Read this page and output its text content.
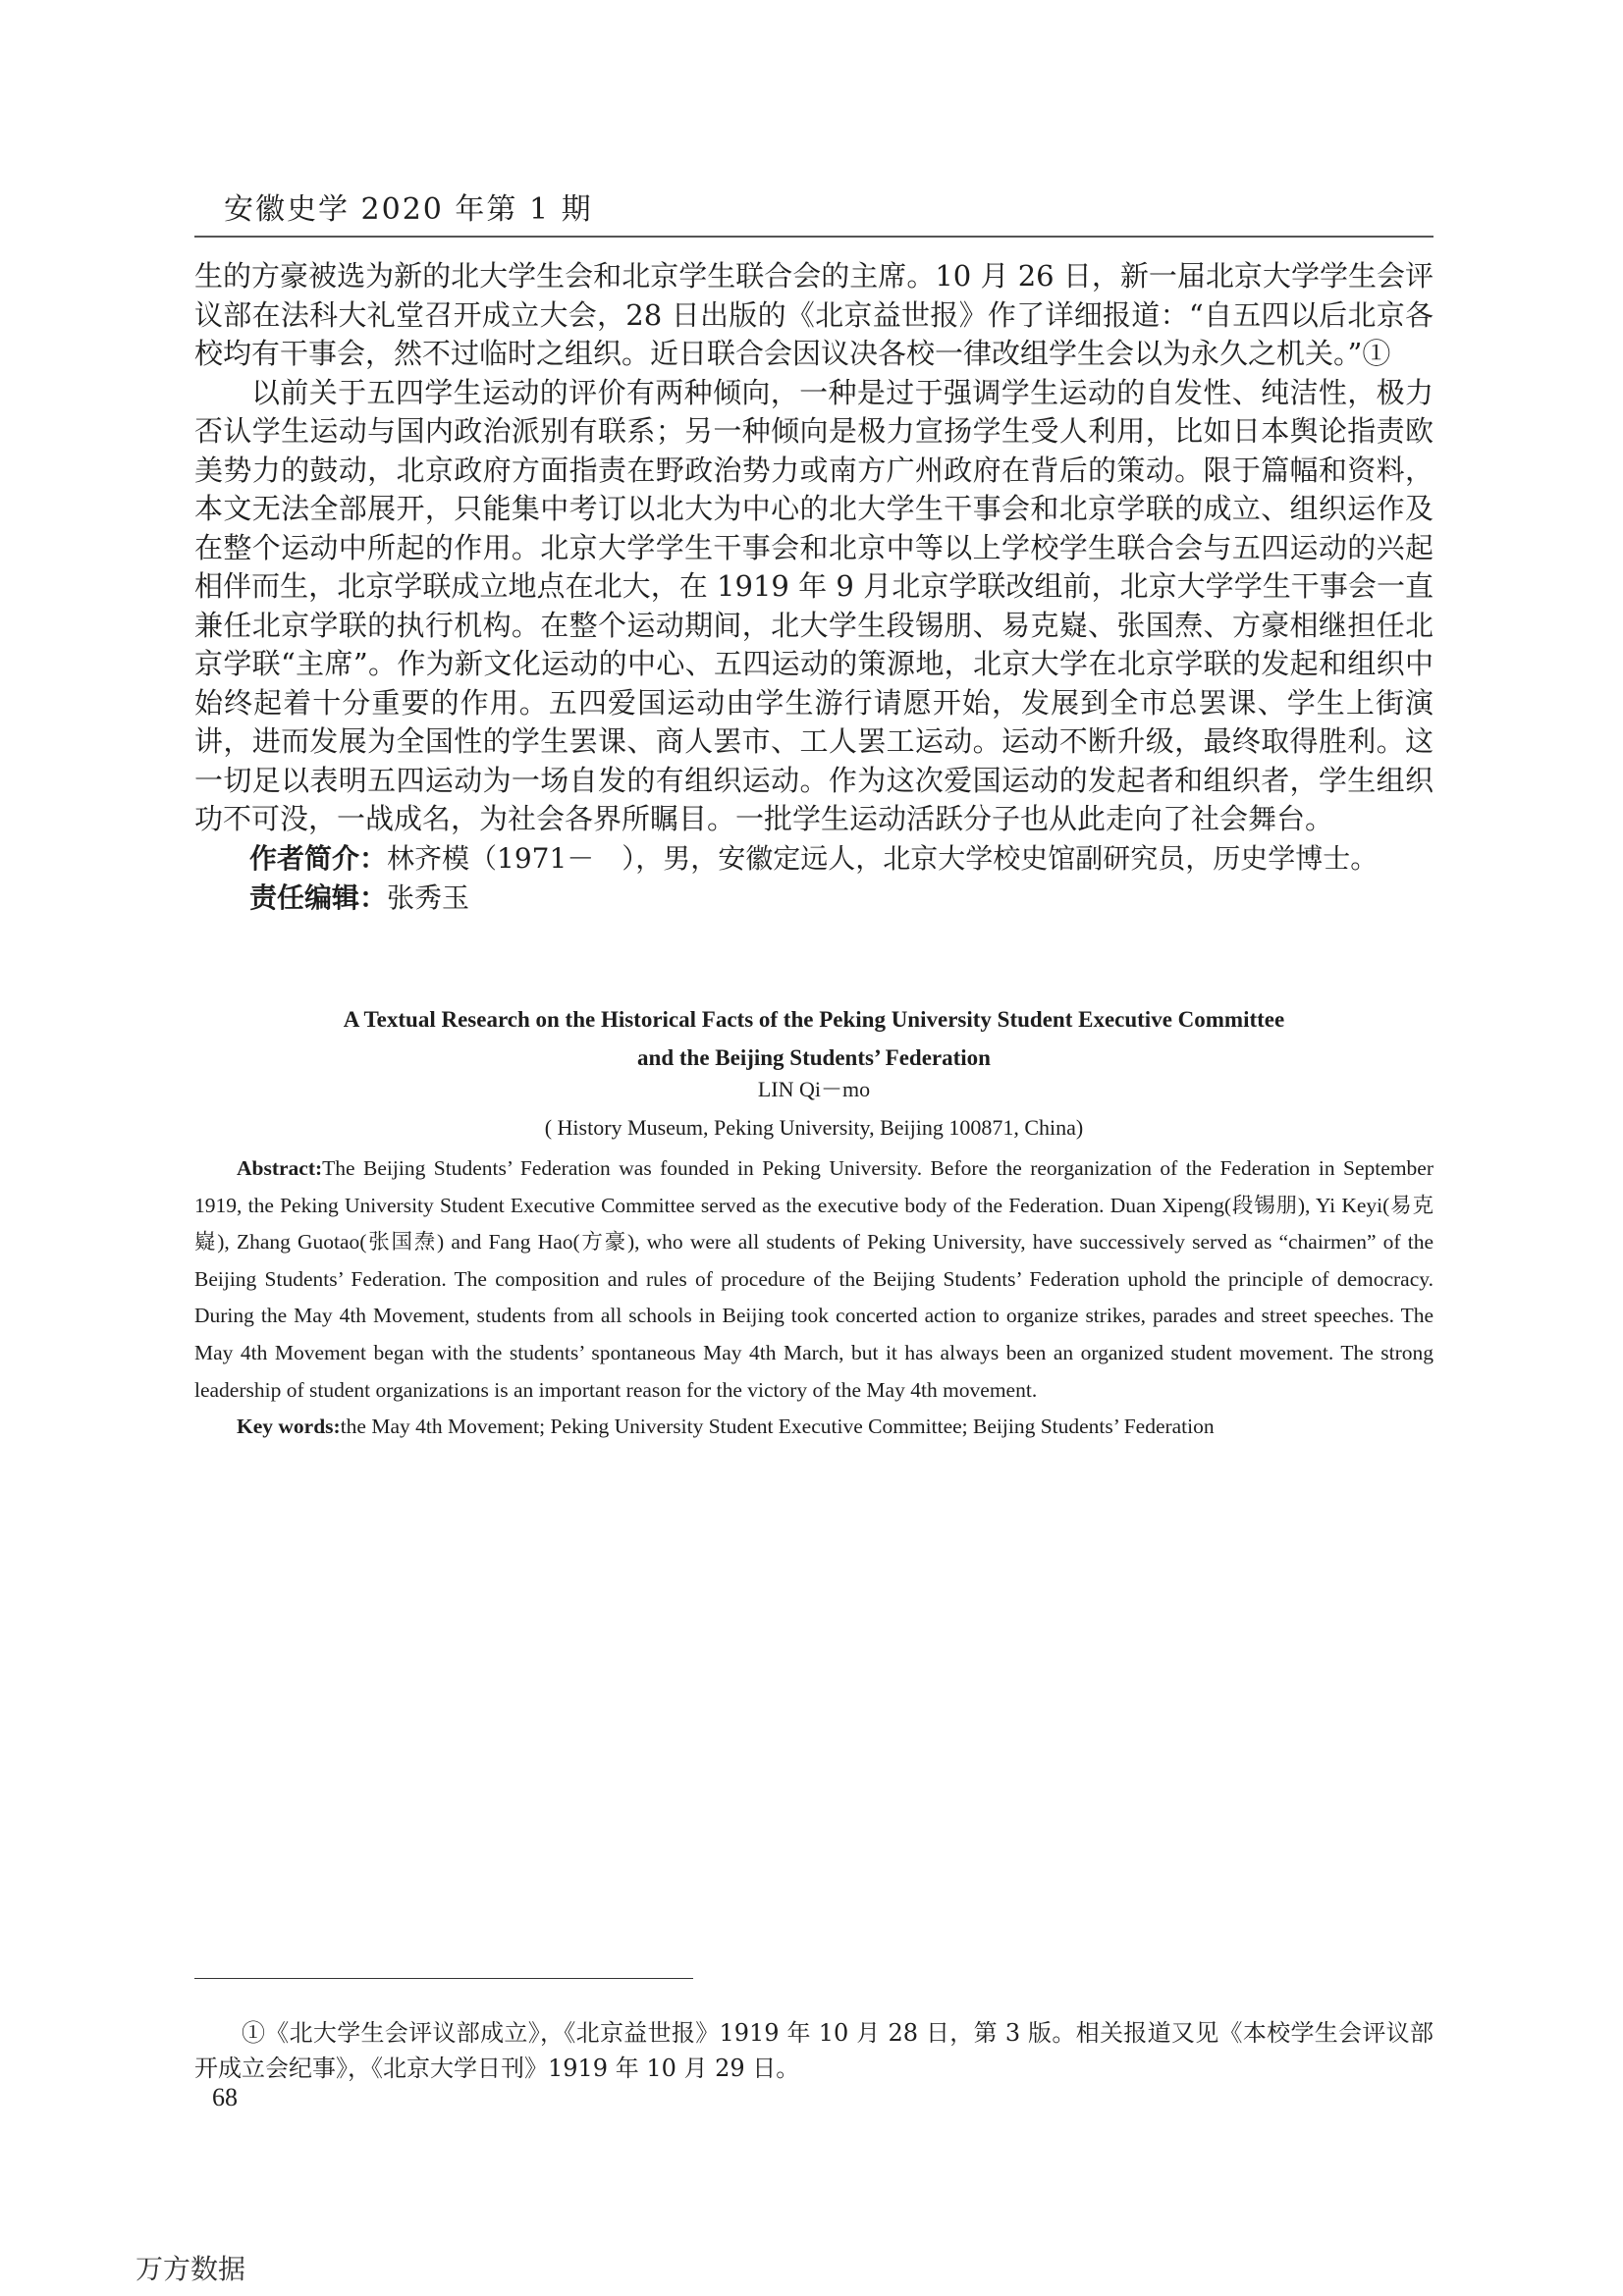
安徽史学 2020 年第 1 期

生的方豪被选为新的北大学生会和北京学生联合会的主席。10 月 26 日，新一届北京大学学生会评议部在法科大礼堂召开成立大会，28 日出版的《北京益世报》作了详细报道：“自五四以后北京各校均有干事会，然不过临时之组织。近日联合会因议决各校一律改组学生会以为永久之机关。”①

以前关于五四学生运动的评价有两种倾向，一种是过于强调学生运动的自发性、纯洁性，极力否认学生运动与国内政治派别有联系；另一种倾向是极力宣扬学生受人利用，比如日本舆论指责欧美势力的鼓动，北京政府方面指责在野政治势力或南方广州政府在背后的策动。限于篇幅和资料，本文无法全部展开，只能集中考订以北大为中心的北大学生干事会和北京学联的成立、组织运作及在整个运动中所起的作用。北京大学学生干事会和北京中等以上学校学生联合会与五四运动的兴起相伴而生，北京学联成立地点在北大，在 1919 年 9 月北京学联改组前，北京大学学生干事会一直兼任北京学联的执行机构。在整个运动期间，北大学生段锡朋、易克嶷、张国焘、方豪相继担任北京学联“主席”。作为新文化运动的中心、五四运动的策源地，北京大学在北京学联的发起和组织中始终起着十分重要的作用。五四爱国运动由学生游行请愿开始，发展到全市总罢课、学生上街演讲，进而发展为全国性的学生罢课、商人罢市、工人罢工运动。运动不断升级，最终取得胜利。这一切足以表明五四运动为一场自发的有组织运动。作为这次爱国运动的发起者和组织者，学生组织功不可没，一战成名，为社会各界所瞩目。一批学生运动活跃分子也从此走向了社会舞台。

作者简介：林齐模（1971－　），男，安徽定远人，北京大学校史馆副研究员，历史学博士。

责任编辑：张秀玉

A Textual Research on the Historical Facts of the Peking University Student Executive Committee
and the Beijing Students’ Federation
LIN Qi－mo
( History Museum, Peking University, Beijing 100871, China)

Abstract:The Beijing Students’ Federation was founded in Peking University. Before the reorganization of the Federation in September 1919, the Peking University Student Executive Committee served as the executive body of the Federation. Duan Xipeng(段锡朋), Yi Keyi(易克嶷), Zhang Guotao(张国焘) and Fang Hao(方豪), who were all students of Peking University, have successively served as “chairmen” of the Beijing Students’ Federation. The composition and rules of procedure of the Beijing Students’ Federation uphold the principle of democracy. During the May 4th Movement, students from all schools in Beijing took concerted action to organize strikes, parades and street speeches. The May 4th Movement began with the students’ spontaneous May 4th March, but it has always been an organized student movement. The strong leadership of student organizations is an important reason for the victory of the May 4th movement.

Key words:the May 4th Movement; Peking University Student Executive Committee; Beijing Students’ Federation

①《北大学生会评议部成立》，《北京益世报》1919 年 10 月 28 日，第 3 版。相关报道又见《本校学生会评议部开成立会纪事》，《北京大学日刊》1919 年 10 月 29 日。

68
万方数据
